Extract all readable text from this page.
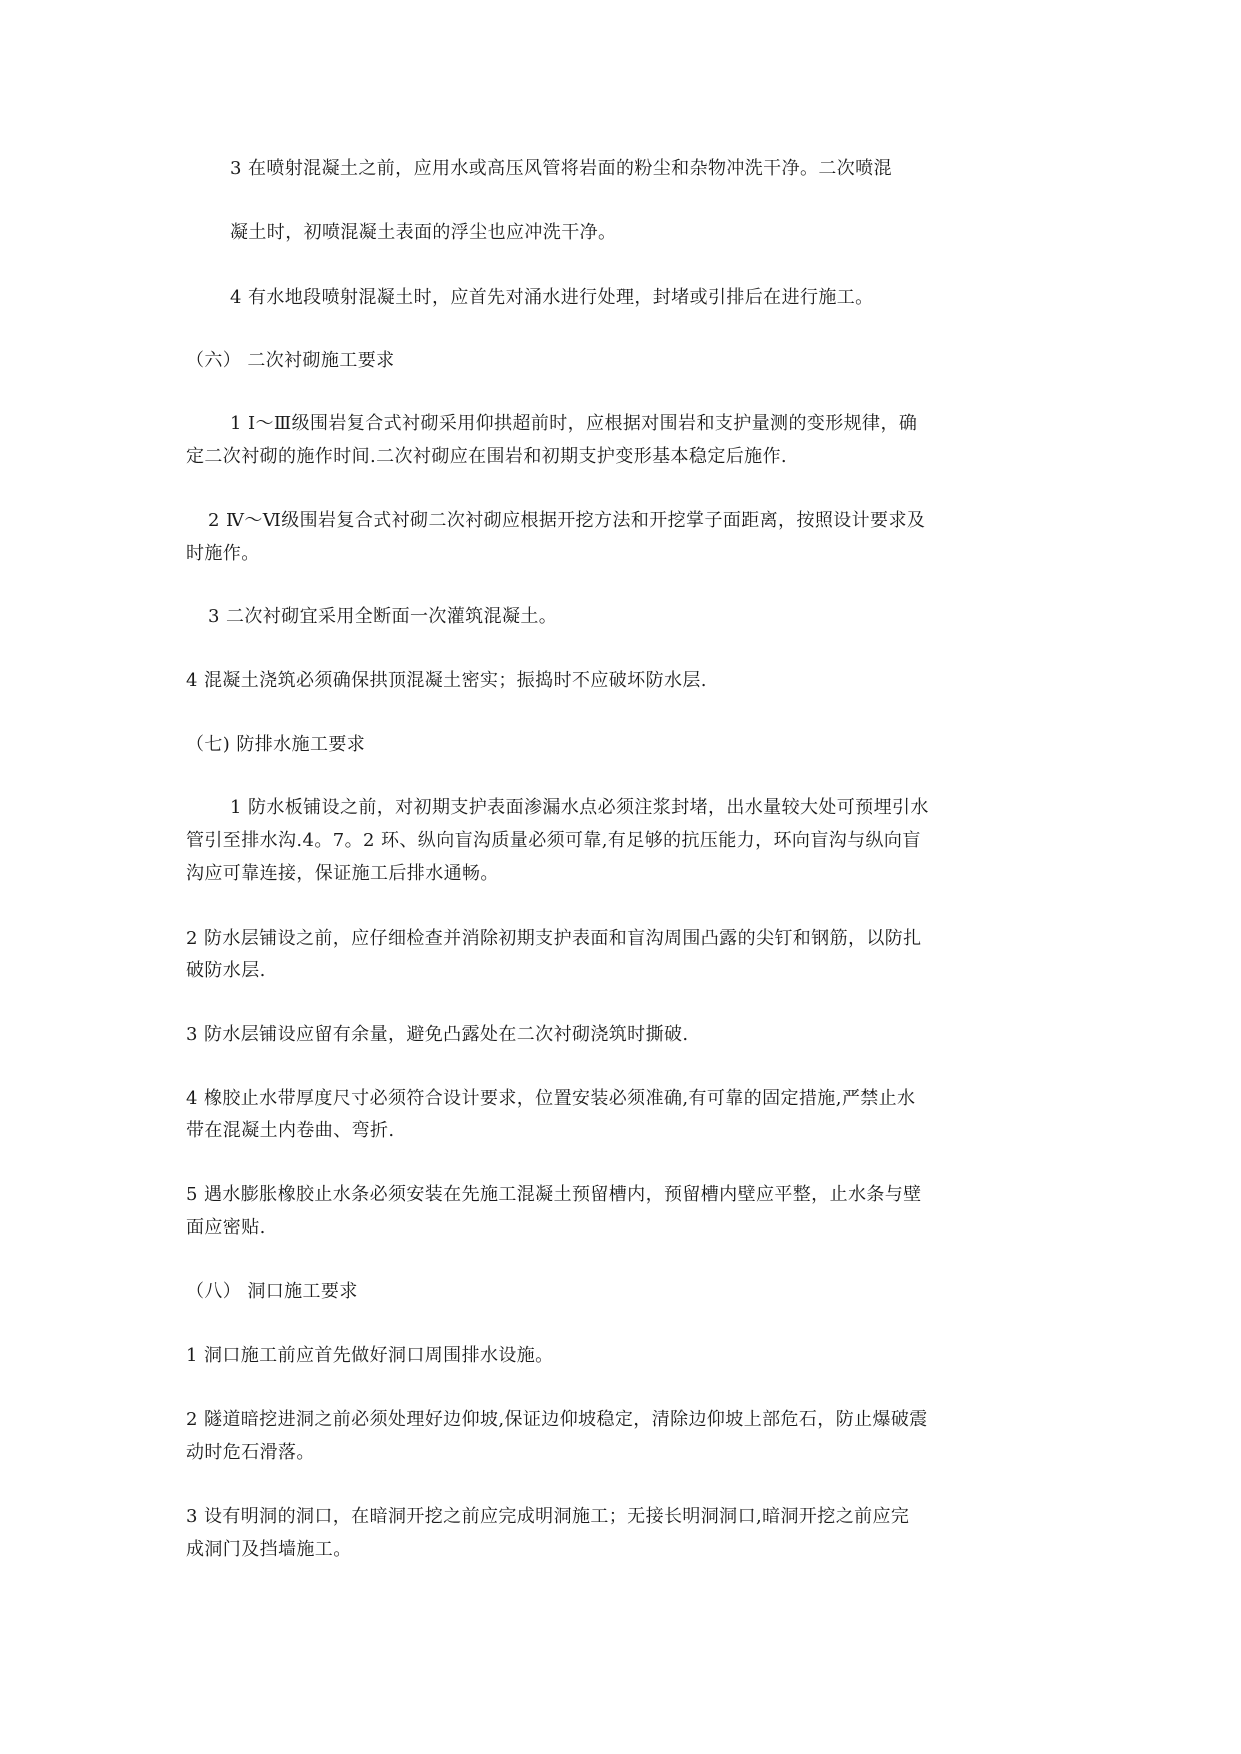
3 在喷射混凝土之前，应用水或高压风管将岩面的粉尘和杂物冲洗干净。二次喷混
凝土时，初喷混凝土表面的浮尘也应冲洗干净。
4 有水地段喷射混凝土时，应首先对涌水进行处理，封堵或引排后在进行施工。
（六） 二次衬砌施工要求
1 Ⅰ～Ⅲ级围岩复合式衬砌采用仰拱超前时，应根据对围岩和支护量测的变形规律，确
定二次衬砌的施作时间.二次衬砌应在围岩和初期支护变形基本稳定后施作.
2 Ⅳ～Ⅵ级围岩复合式衬砌二次衬砌应根据开挖方法和开挖掌子面距离，按照设计要求及
时施作。
3 二次衬砌宜采用全断面一次灌筑混凝土。
4 混凝土浇筑必须确保拱顶混凝土密实；振捣时不应破坏防水层.
（七) 防排水施工要求
1 防水板铺设之前，对初期支护表面渗漏水点必须注浆封堵，出水量较大处可预埋引水
管引至排水沟.4。7。2 环、纵向盲沟质量必须可靠,有足够的抗压能力，环向盲沟与纵向盲
沟应可靠连接，保证施工后排水通畅。
2 防水层铺设之前，应仔细检查并消除初期支护表面和盲沟周围凸露的尖钉和钢筋，以防扎
破防水层.
3 防水层铺设应留有余量，避免凸露处在二次衬砌浇筑时撕破.
4 橡胶止水带厚度尺寸必须符合设计要求，位置安装必须准确,有可靠的固定措施,严禁止水
带在混凝土内卷曲、弯折.
5 遇水膨胀橡胶止水条必须安装在先施工混凝土预留槽内，预留槽内壁应平整，止水条与壁
面应密贴.
（八） 洞口施工要求
1 洞口施工前应首先做好洞口周围排水设施。
2 隧道暗挖进洞之前必须处理好边仰坡,保证边仰坡稳定，清除边仰坡上部危石，防止爆破震
动时危石滑落。
3 设有明洞的洞口，在暗洞开挖之前应完成明洞施工；无接长明洞洞口,暗洞开挖之前应完
成洞门及挡墙施工。
